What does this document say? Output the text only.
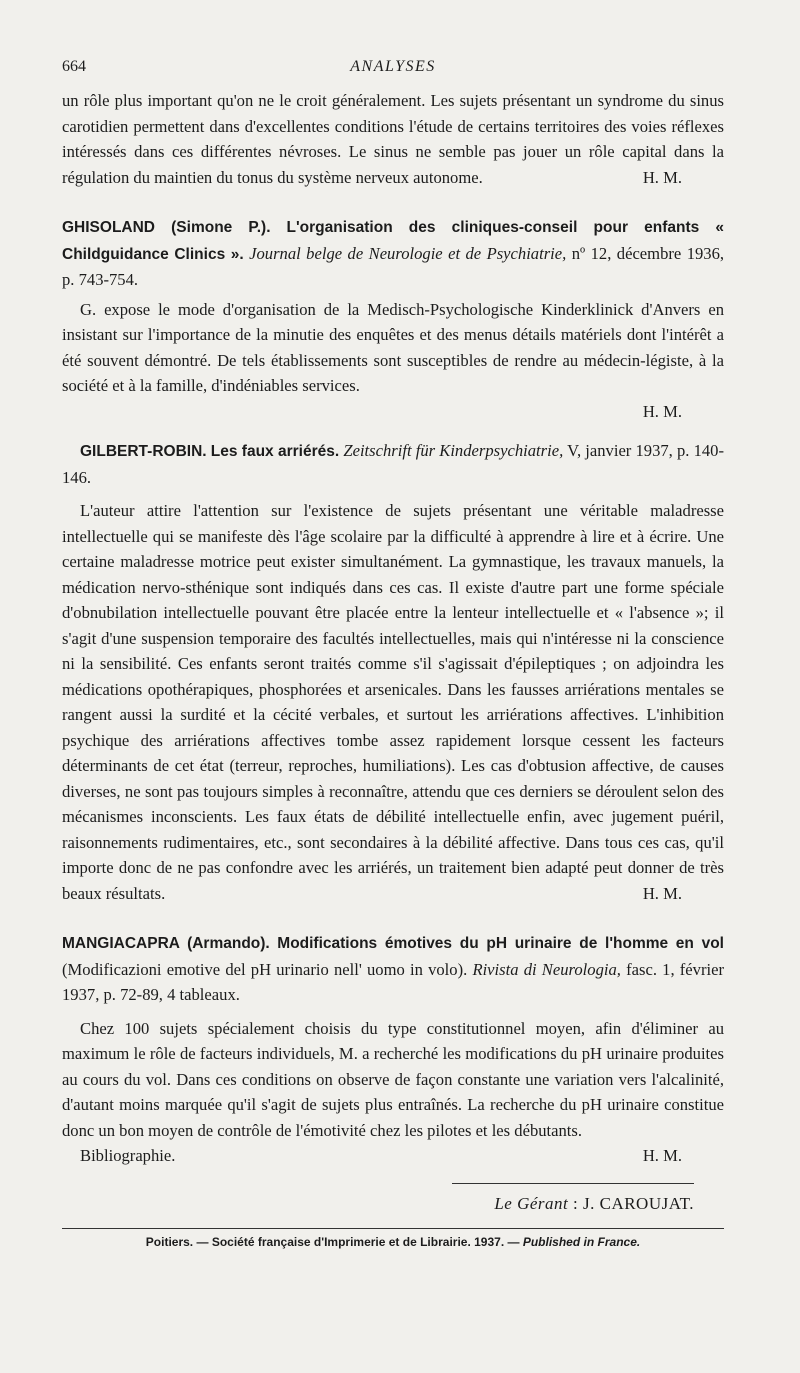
664	ANALYSES

un rôle plus important qu'on ne le croit généralement. Les sujets présentant un syndrome du sinus carotidien permettent dans d'excellentes conditions l'étude de certains territoires des voies réflexes intéressés dans ces différentes névroses. Le sinus ne semble pas jouer un rôle capital dans la régulation du maintien du tonus du système nerveux autonome.	H. M.

GHISOLAND (Simone P.). L'organisation des cliniques-conseil pour enfants « Childguidance Clinics ». Journal belge de Neurologie et de Psychiatrie, nº 12, décembre 1936, p. 743-754.

G. expose le mode d'organisation de la Medisch-Psychologische Kinderklinick d'Anvers en insistant sur l'importance de la minutie des enquêtes et des menus détails matériels dont l'intérêt a été souvent démontré. De tels établissements sont susceptibles de rendre au médecin-légiste, à la société et à la famille, d'indéniables services.

H. M.

GILBERT-ROBIN. Les faux arriérés. Zeitschrift für Kinderpsychiatrie, V, janvier 1937, p. 140-146.

L'auteur attire l'attention sur l'existence de sujets présentant une véritable maladresse intellectuelle qui se manifeste dès l'âge scolaire par la difficulté à apprendre à lire et à écrire. Une certaine maladresse motrice peut exister simultanément. La gymnastique, les travaux manuels, la médication nervo-sthénique sont indiqués dans ces cas. Il existe d'autre part une forme spéciale d'obnubilation intellectuelle pouvant être placée entre la lenteur intellectuelle et « l'absence »; il s'agit d'une suspension temporaire des facultés intellectuelles, mais qui n'intéresse ni la conscience ni la sensibilité. Ces enfants seront traités comme s'il s'agissait d'épileptiques ; on adjoindra les médications opothérapiques, phosphorées et arsenicales. Dans les fausses arriérations mentales se rangent aussi la surdité et la cécité verbales, et surtout les arriérations affectives. L'inhibition psychique des arriérations affectives tombe assez rapidement lorsque cessent les facteurs déterminants de cet état (terreur, reproches, humiliations). Les cas d'obtusion affective, de causes diverses, ne sont pas toujours simples à reconnaître, attendu que ces derniers se déroulent selon des mécanismes inconscients. Les faux états de débilité intellectuelle enfin, avec jugement puéril, raisonnements rudimentaires, etc., sont secondaires à la débilité affective. Dans tous ces cas, qu'il importe donc de ne pas confondre avec les arriérés, un traitement bien adapté peut donner de très beaux résultats.	H. M.

MANGIACAPRA (Armando). Modifications émotives du pH urinaire de l'homme en vol (Modificazioni emotive del pH urinario nell' uomo in volo). Rivista di Neurologia, fasc. 1, février 1937, p. 72-89, 4 tableaux.

Chez 100 sujets spécialement choisis du type constitutionnel moyen, afin d'éliminer au maximum le rôle de facteurs individuels, M. a recherché les modifications du pH urinaire produites au cours du vol. Dans ces conditions on observe de façon constante une variation vers l'alcalinité, d'autant moins marquée qu'il s'agit de sujets plus entraînés. La recherche du pH urinaire constitue donc un bon moyen de contrôle de l'émotivité chez les pilotes et les débutants.

Bibliographie.	H. M.

Le Gérant : J. CAROUJAT.
Poitiers. — Société française d'Imprimerie et de Librairie. 1937. — Published in France.
